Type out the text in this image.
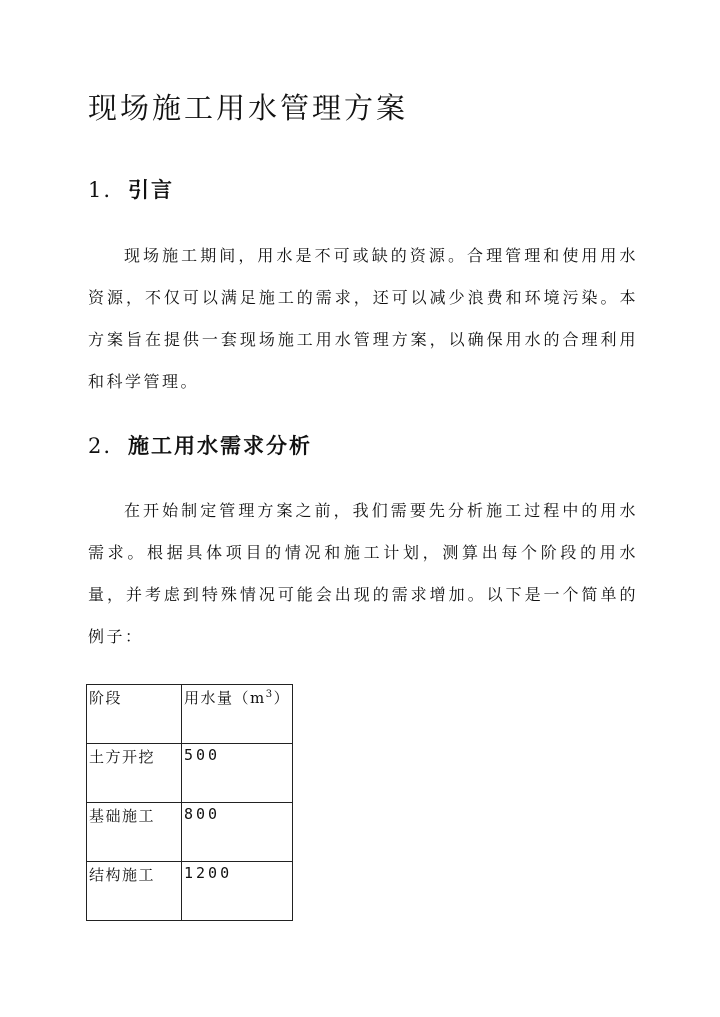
现场施工用水管理方案
1. 引言

现场施工期间，用水是不可或缺的资源。合理管理和使用用水资源，不仅可以满足施工的需求，还可以减少浪费和环境污染。本方案旨在提供一套现场施工用水管理方案，以确保用水的合理利用和科学管理。

2. 施工用水需求分析

在开始制定管理方案之前，我们需要先分析施工过程中的用水需求。根据具体项目的情况和施工计划，测算出每个阶段的用水量，并考虑到特殊情况可能会出现的需求增加。以下是一个简单的例子：

阶段	用水量$(m^3)$
土方开挖	500
基础施工	800
结构施工	1200
